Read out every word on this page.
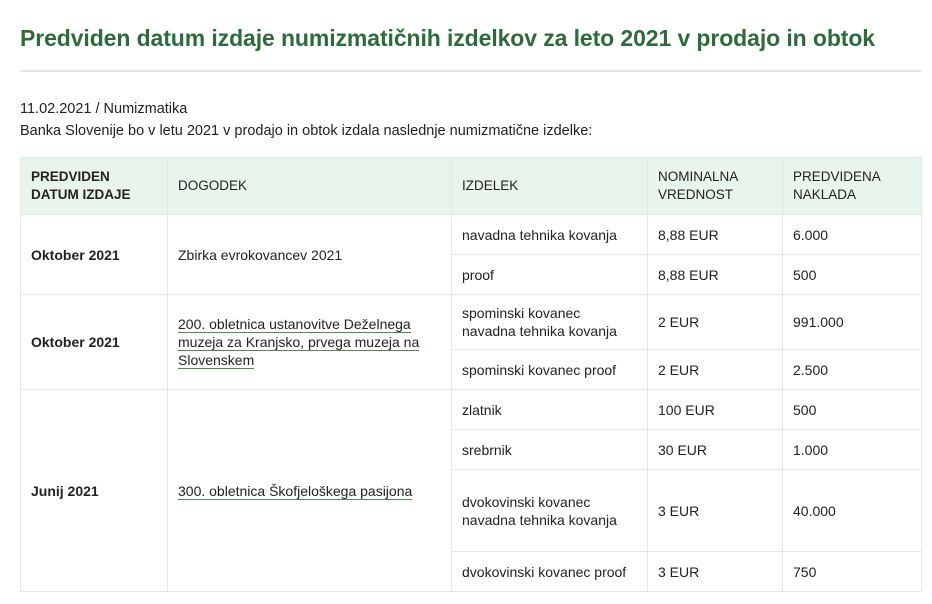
Predviden datum izdaje numizmatičnih izdelkov za leto 2021 v prodajo in obtok
11.02.2021 / Numizmatika
Banka Slovenije bo v letu 2021 v prodajo in obtok izdala naslednje numizmatične izdelke:
PREDVIDEN DATUM IZDAJE	DOGODEK	IZDELEK	NOMINALNA VREDNOST	PREDVIDENA NAKLADA
Oktober 2021	Zbirka evrokovancev 2021	navadna tehnika kovanja	8,88 EUR	6.000
		proof	8,88 EUR	500
Oktober 2021	200. obletnica ustanovitve Deželnega muzeja za Kranjsko, prvega muzeja na Slovenskem	spominski kovanec navadna tehnika kovanja	2 EUR	991.000
		spominski kovanec proof	2 EUR	2.500
Junij 2021	300. obletnica Škofjeloškega pasijona	zlatnik	100 EUR	500
		srebrnik	30 EUR	1.000
		dvokovinski kovanec navadna tehnika kovanja	3 EUR	40.000
		dvokovinski kovanec proof	3 EUR	750
